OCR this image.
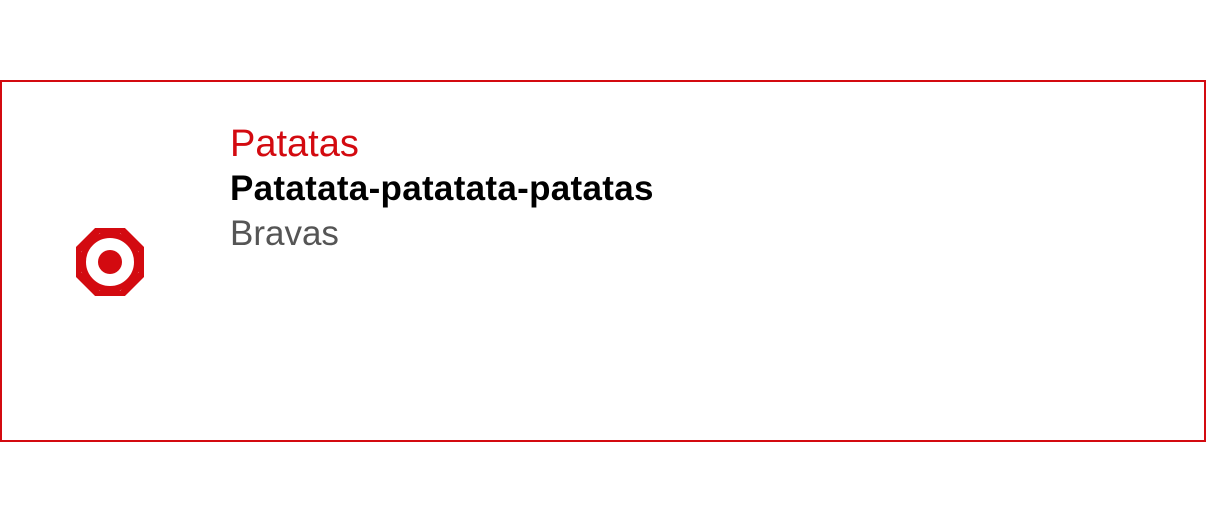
Patatas
Patatata-patatata-patatas
Bravas
